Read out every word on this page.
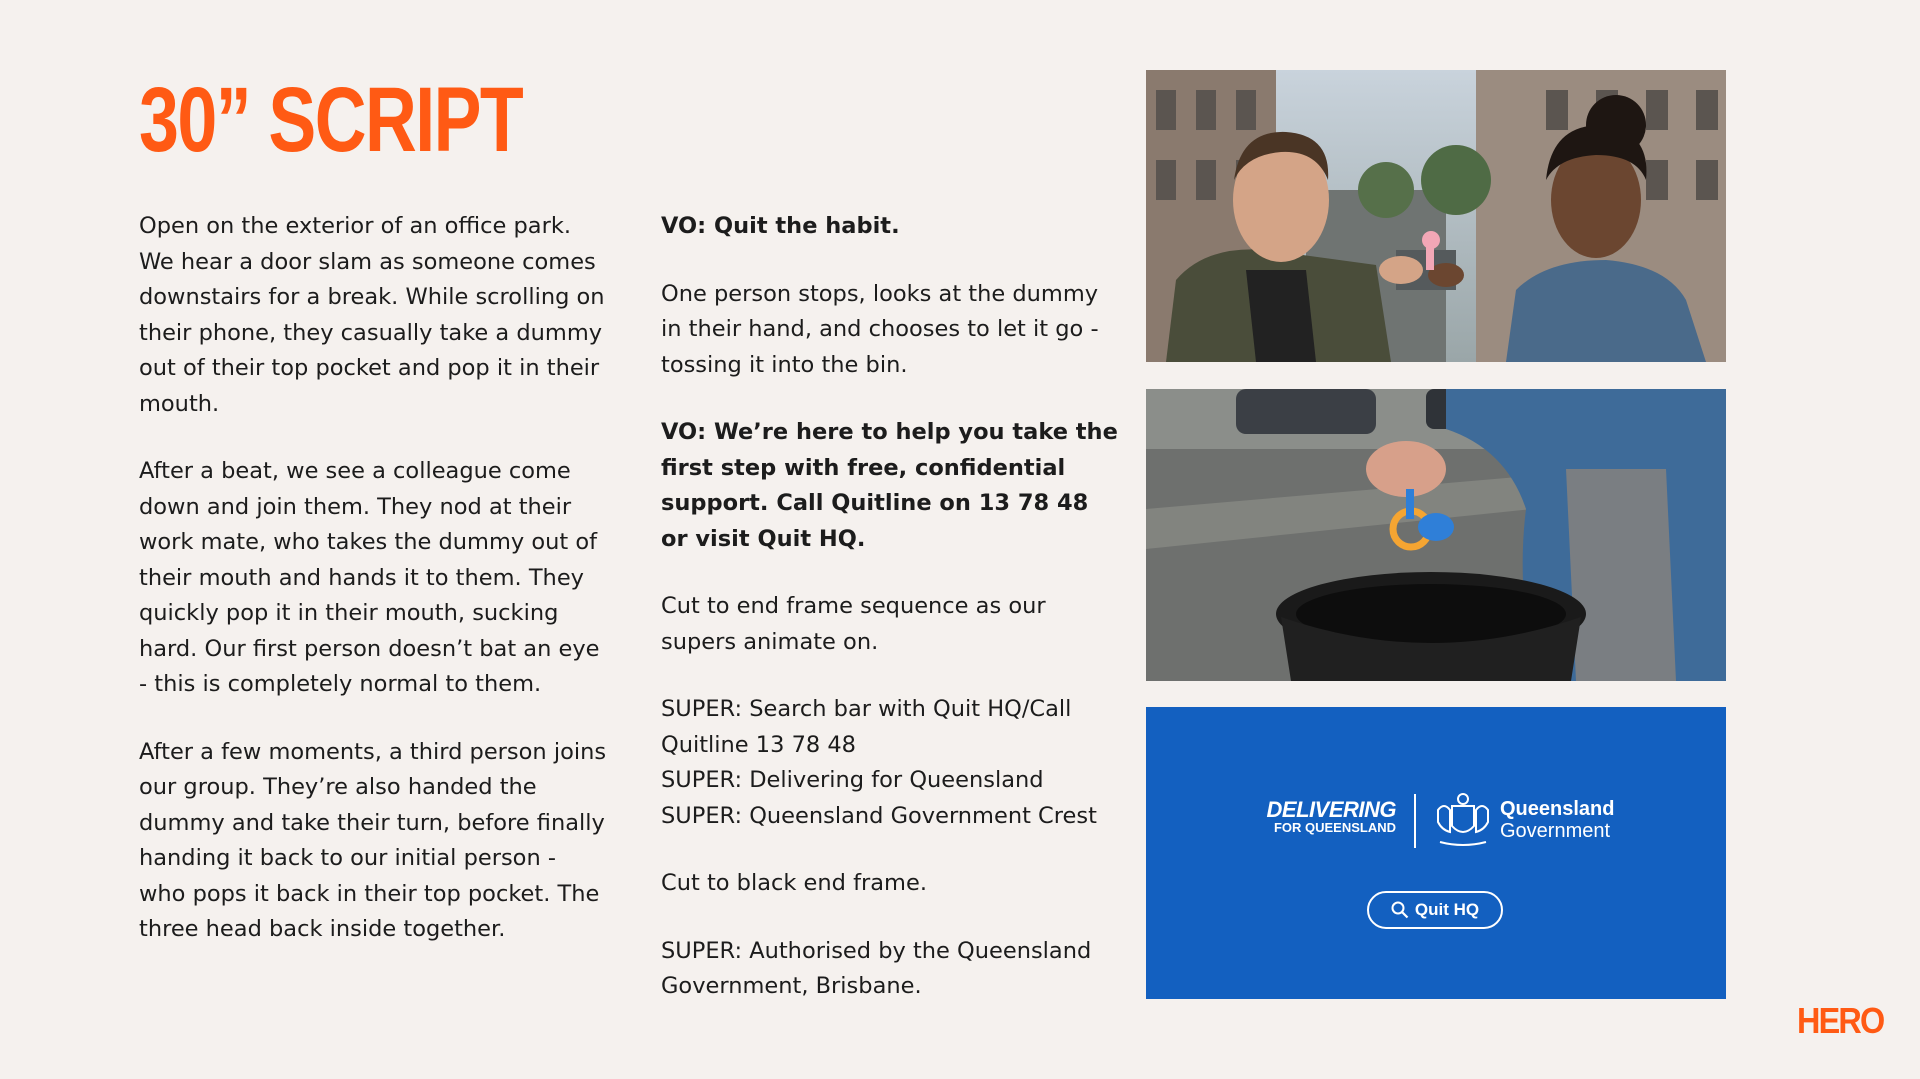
30” SCRIPT

Open on the exterior of an office park. We hear a door slam as someone comes downstairs for a break. While scrolling on their phone, they casually take a dummy out of their top pocket and pop it in their mouth.

After a beat, we see a colleague come down and join them. They nod at their work mate, who takes the dummy out of their mouth and hands it to them. They quickly pop it in their mouth, sucking hard. Our first person doesn’t bat an eye - this is completely normal to them.

After a few moments, a third person joins our group. They’re also handed the dummy and take their turn, before finally handing it back to our initial person - who pops it back in their top pocket. The three head back inside together.

VO: Quit the habit.

One person stops, looks at the dummy in their hand, and chooses to let it go - tossing it into the bin.

VO: We’re here to help you take the first step with free, confidential support. Call Quitline on 13 78 48 or visit Quit HQ.

Cut to end frame sequence as our supers animate on.

SUPER: Search bar with Quit HQ/Call Quitline 13 78 48
SUPER: Delivering for Queensland
SUPER: Queensland Government Crest

Cut to black end frame.

SUPER: Authorised by the Queensland Government, Brisbane.

DELIVERING
FOR QUEENSLAND
Queensland
Government
Quit HQ
HERO
